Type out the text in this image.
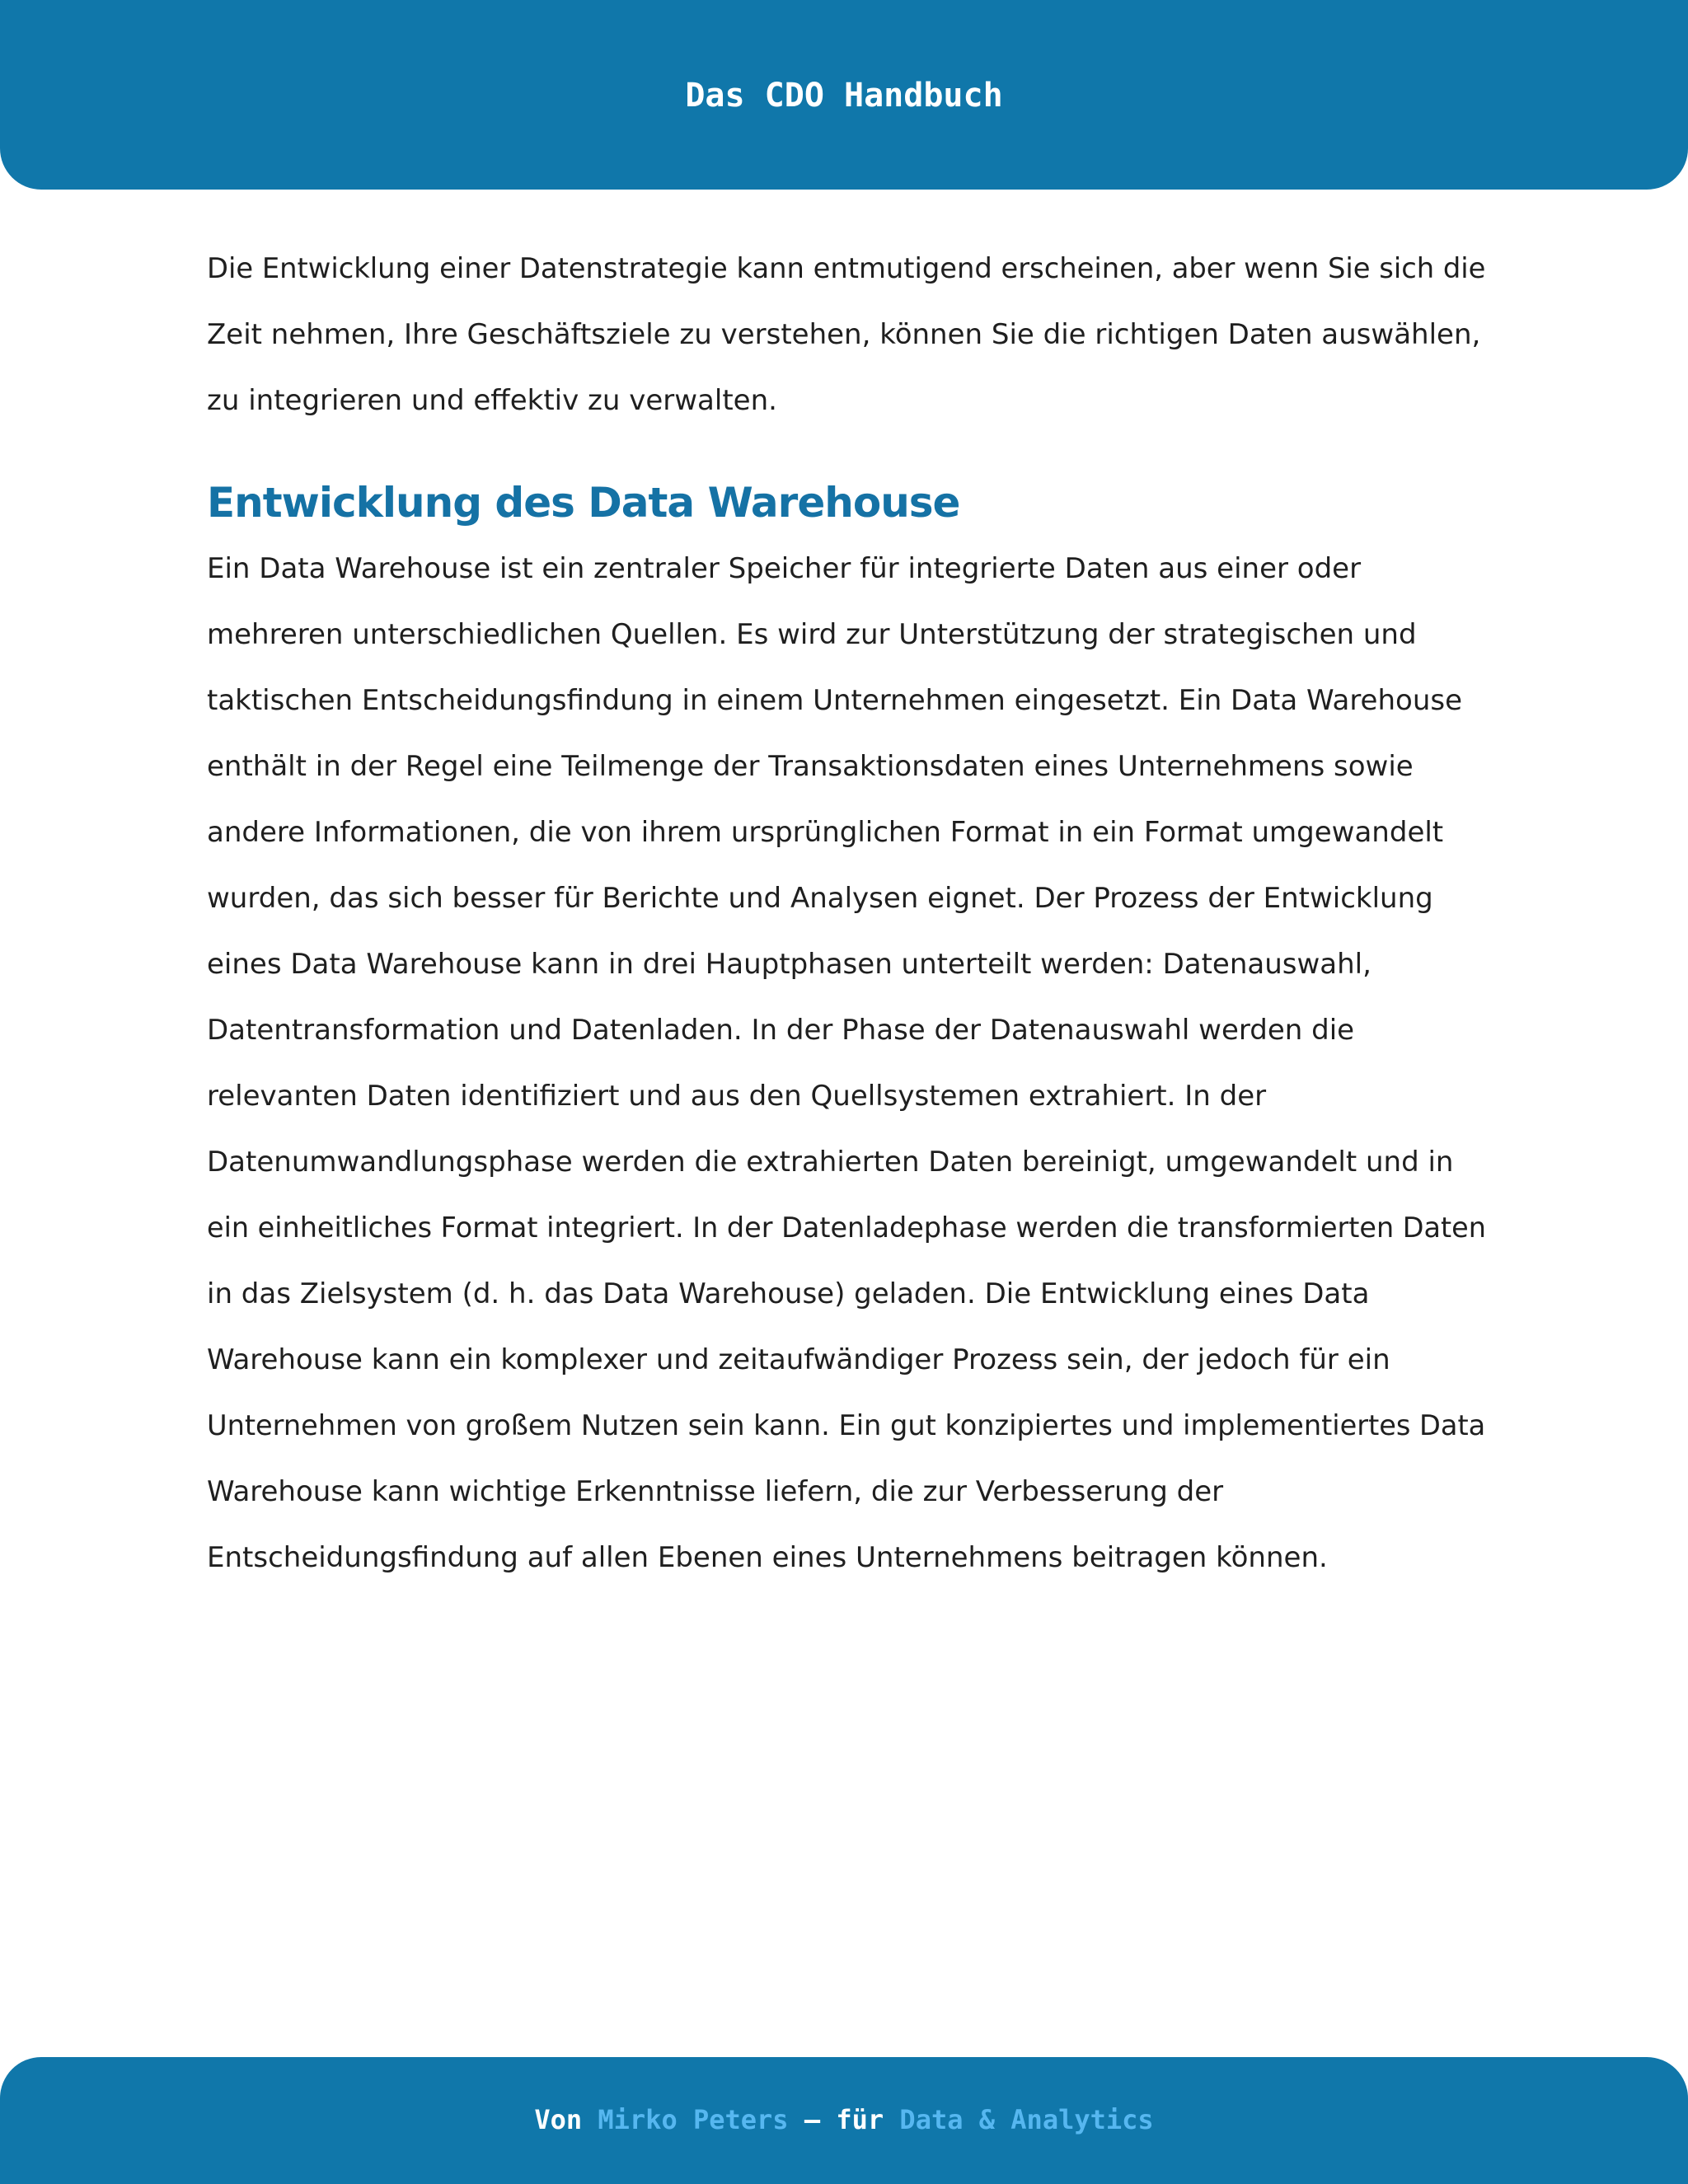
Das CDO Handbuch

Die Entwicklung einer Datenstrategie kann entmutigend erscheinen, aber wenn Sie sich die
Zeit nehmen, Ihre Geschäftsziele zu verstehen, können Sie die richtigen Daten auswählen,
zu integrieren und effektiv zu verwalten.

Entwicklung des Data Warehouse

Ein Data Warehouse ist ein zentraler Speicher für integrierte Daten aus einer oder
mehreren unterschiedlichen Quellen. Es wird zur Unterstützung der strategischen und
taktischen Entscheidungsfindung in einem Unternehmen eingesetzt. Ein Data Warehouse
enthält in der Regel eine Teilmenge der Transaktionsdaten eines Unternehmens sowie
andere Informationen, die von ihrem ursprünglichen Format in ein Format umgewandelt
wurden, das sich besser für Berichte und Analysen eignet. Der Prozess der Entwicklung
eines Data Warehouse kann in drei Hauptphasen unterteilt werden: Datenauswahl,
Datentransformation und Datenladen. In der Phase der Datenauswahl werden die
relevanten Daten identifiziert und aus den Quellsystemen extrahiert. In der
Datenumwandlungsphase werden die extrahierten Daten bereinigt, umgewandelt und in
ein einheitliches Format integriert. In der Datenladephase werden die transformierten Daten
in das Zielsystem (d. h. das Data Warehouse) geladen. Die Entwicklung eines Data
Warehouse kann ein komplexer und zeitaufwändiger Prozess sein, der jedoch für ein
Unternehmen von großem Nutzen sein kann. Ein gut konzipiertes und implementiertes Data
Warehouse kann wichtige Erkenntnisse liefern, die zur Verbesserung der
Entscheidungsfindung auf allen Ebenen eines Unternehmens beitragen können.

Von Mirko Peters – für Data & Analytics
